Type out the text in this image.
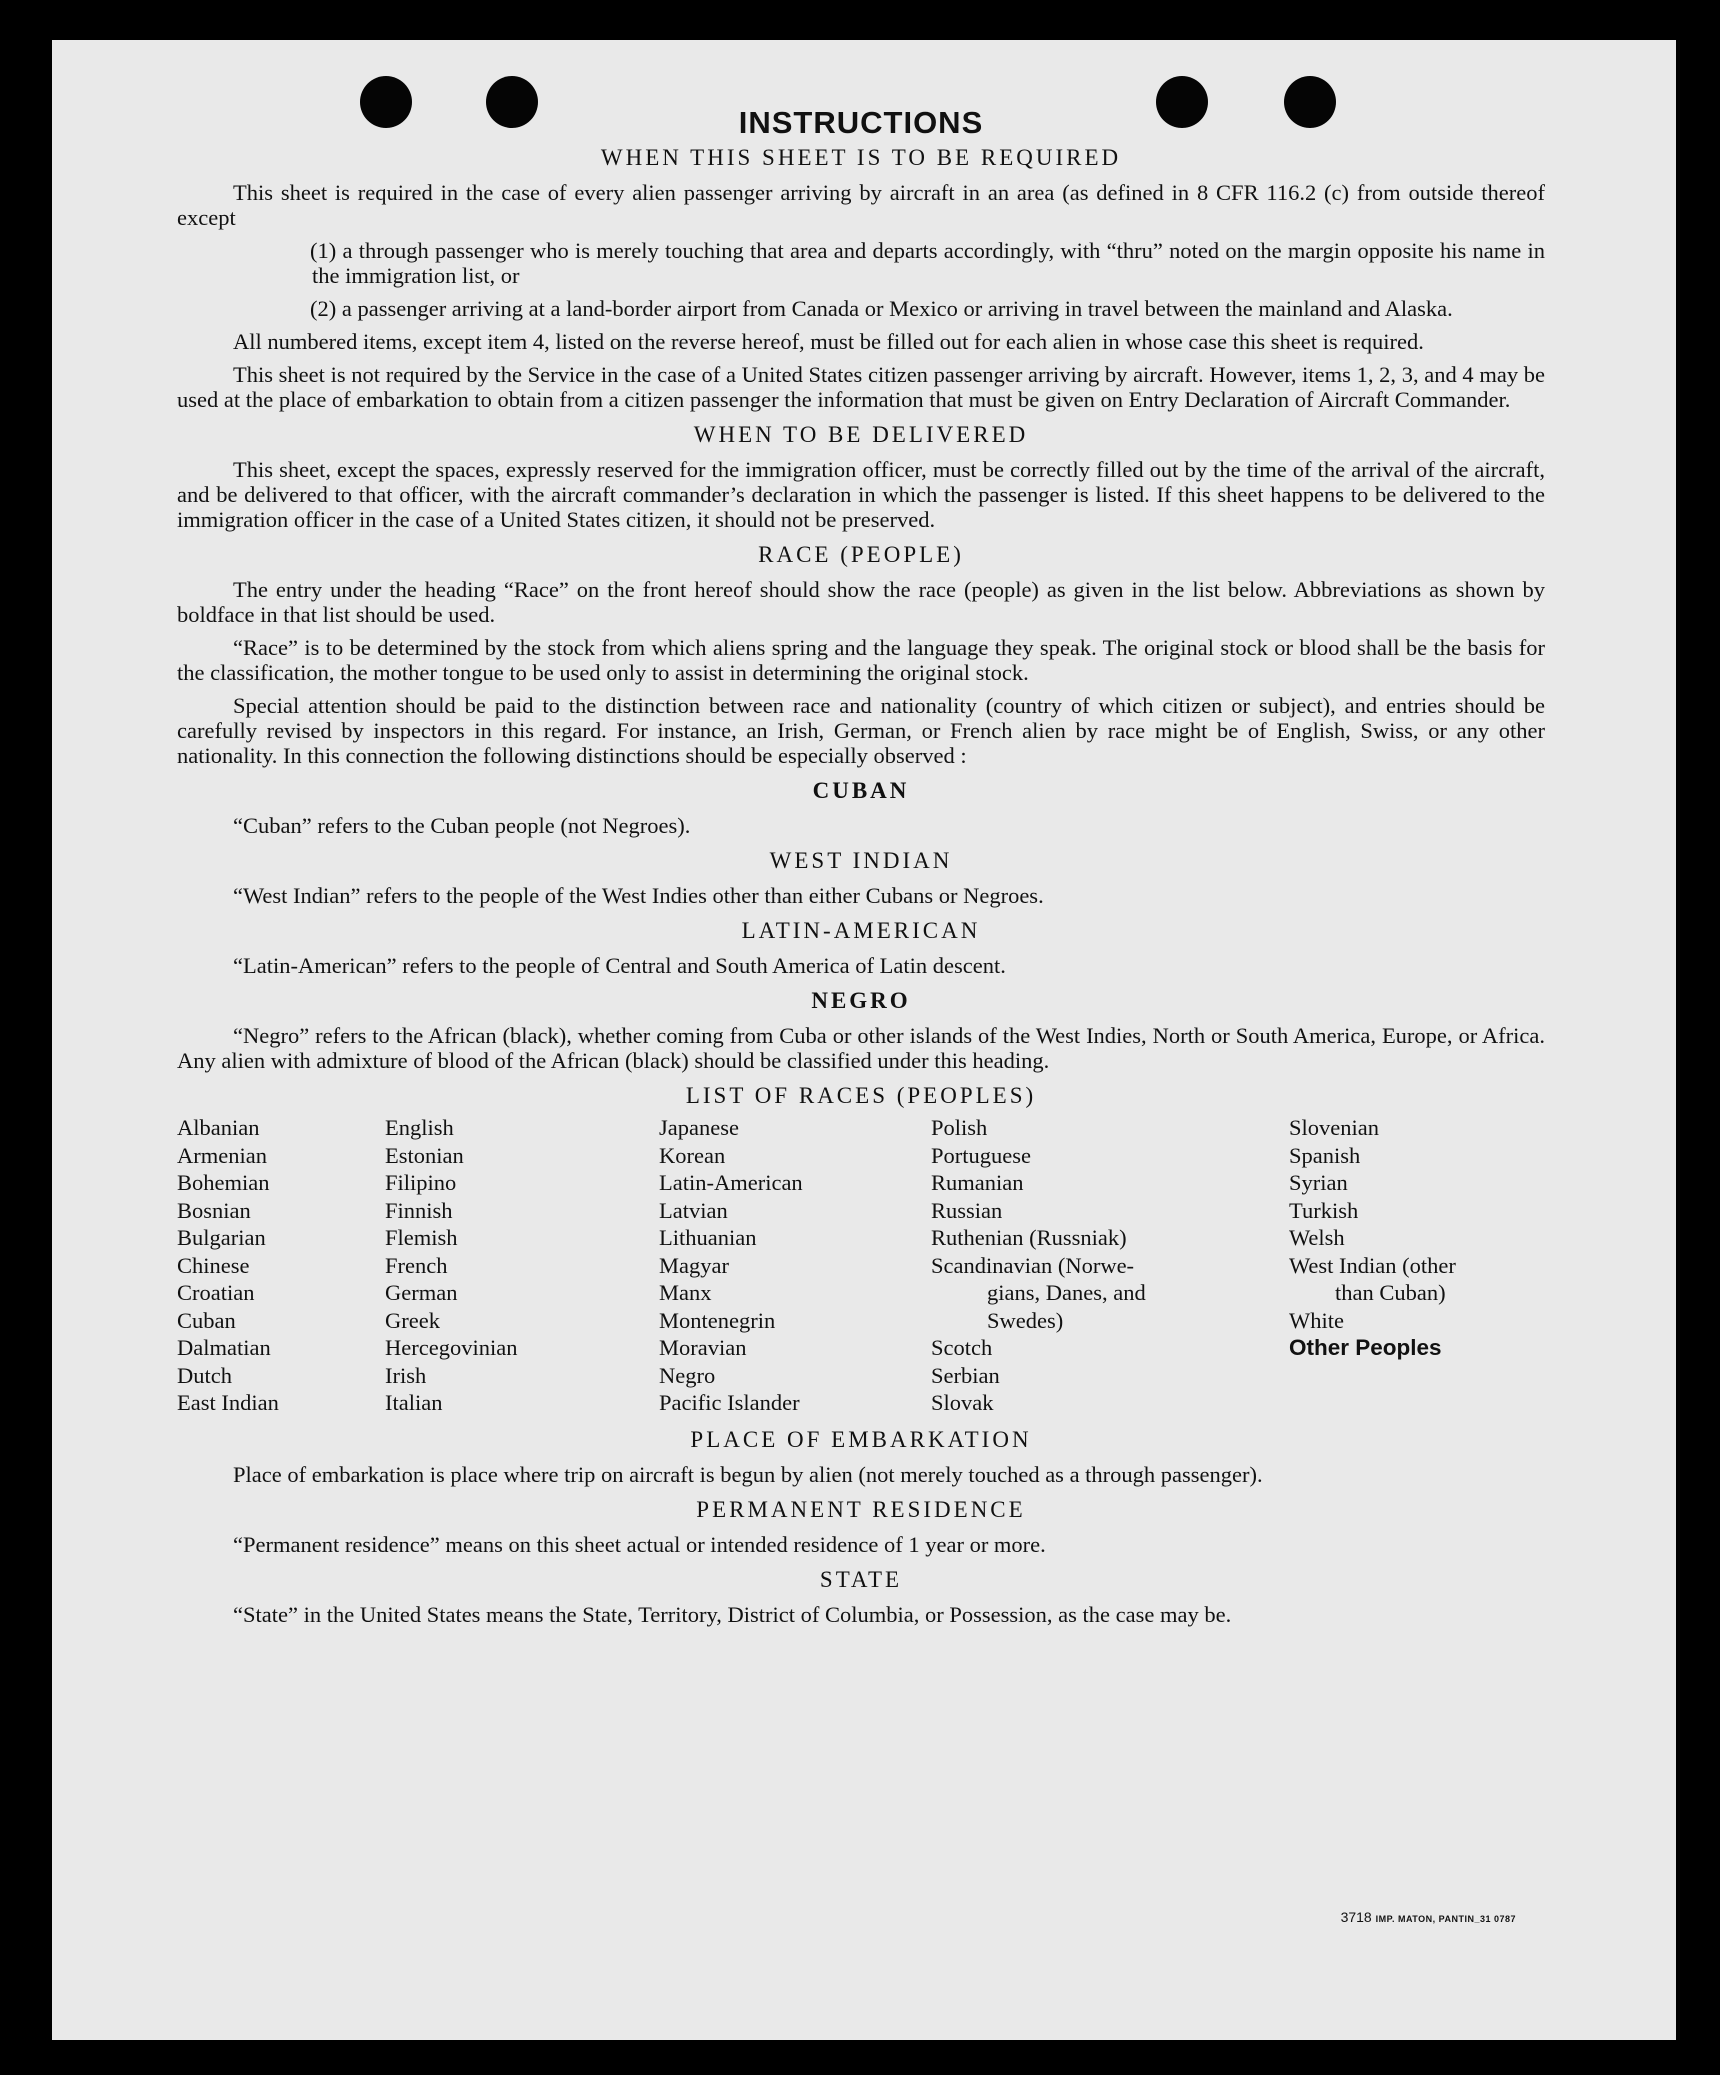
INSTRUCTIONS
WHEN THIS SHEET IS TO BE REQUIRED

This sheet is required in the case of every alien passenger arriving by aircraft in an area (as defined in 8 CFR 116.2 (c) from outside thereof except

(1) a through passenger who is merely touching that area and departs accordingly, with “thru” noted on the margin opposite his name in the immigration list, or
(2) a passenger arriving at a land-border airport from Canada or Mexico or arriving in travel between the mainland and Alaska.

All numbered items, except item 4, listed on the reverse hereof, must be filled out for each alien in whose case this sheet is required.

This sheet is not required by the Service in the case of a United States citizen passenger arriving by aircraft. However, items 1, 2, 3, and 4 may be used at the place of embarkation to obtain from a citizen passenger the information that must be given on Entry Declaration of Aircraft Commander.

WHEN TO BE DELIVERED

This sheet, except the spaces, expressly reserved for the immigration officer, must be correctly filled out by the time of the arrival of the aircraft, and be delivered to that officer, with the aircraft commander’s declaration in which the passenger is listed. If this sheet happens to be delivered to the immigration officer in the case of a United States citizen, it should not be preserved.

RACE (PEOPLE)

The entry under the heading “Race” on the front hereof should show the race (people) as given in the list below. Abbreviations as shown by boldface in that list should be used.

“Race” is to be determined by the stock from which aliens spring and the language they speak. The original stock or blood shall be the basis for the classification, the mother tongue to be used only to assist in determining the original stock.

Special attention should be paid to the distinction between race and nationality (country of which citizen or subject), and entries should be carefully revised by inspectors in this regard. For instance, an Irish, German, or French alien by race might be of English, Swiss, or any other nationality. In this connection the following distinctions should be especially observed :

CUBAN

“Cuban” refers to the Cuban people (not Negroes).

WEST INDIAN

“West Indian” refers to the people of the West Indies other than either Cubans or Negroes.

LATIN-AMERICAN

“Latin-American” refers to the people of Central and South America of Latin descent.

NEGRO

“Negro” refers to the African (black), whether coming from Cuba or other islands of the West Indies, North or South America, Europe, or Africa. Any alien with admixture of blood of the African (black) should be classified under this heading.

LIST OF RACES (PEOPLES)
Albanian
Armenian
Bohemian
Bosnian
Bulgarian
Chinese
Croatian
Cuban
Dalmatian
Dutch
East Indian
English
Estonian
Filipino
Finnish
Flemish
French
German
Greek
Hercegovinian
Irish
Italian
Japanese
Korean
Latin-American
Latvian
Lithuanian
Magyar
Manx
Montenegrin
Moravian
Negro
Pacific Islander
Polish
Portuguese
Rumanian
Russian
Ruthenian (Russniak)
Scandinavian (Norwe-
gians, Danes, and
Swedes)
Scotch
Serbian
Slovak
Slovenian
Spanish
Syrian
Turkish
Welsh
West Indian (other
than Cuban)
White
Other Peoples
PLACE OF EMBARKATION

Place of embarkation is place where trip on aircraft is begun by alien (not merely touched as a through passenger).

PERMANENT RESIDENCE

“Permanent residence” means on this sheet actual or intended residence of 1 year or more.

STATE

“State” in the United States means the State, Territory, District of Columbia, or Possession, as the case may be.

3718 IMP. MATON, PANTIN_31 0787
